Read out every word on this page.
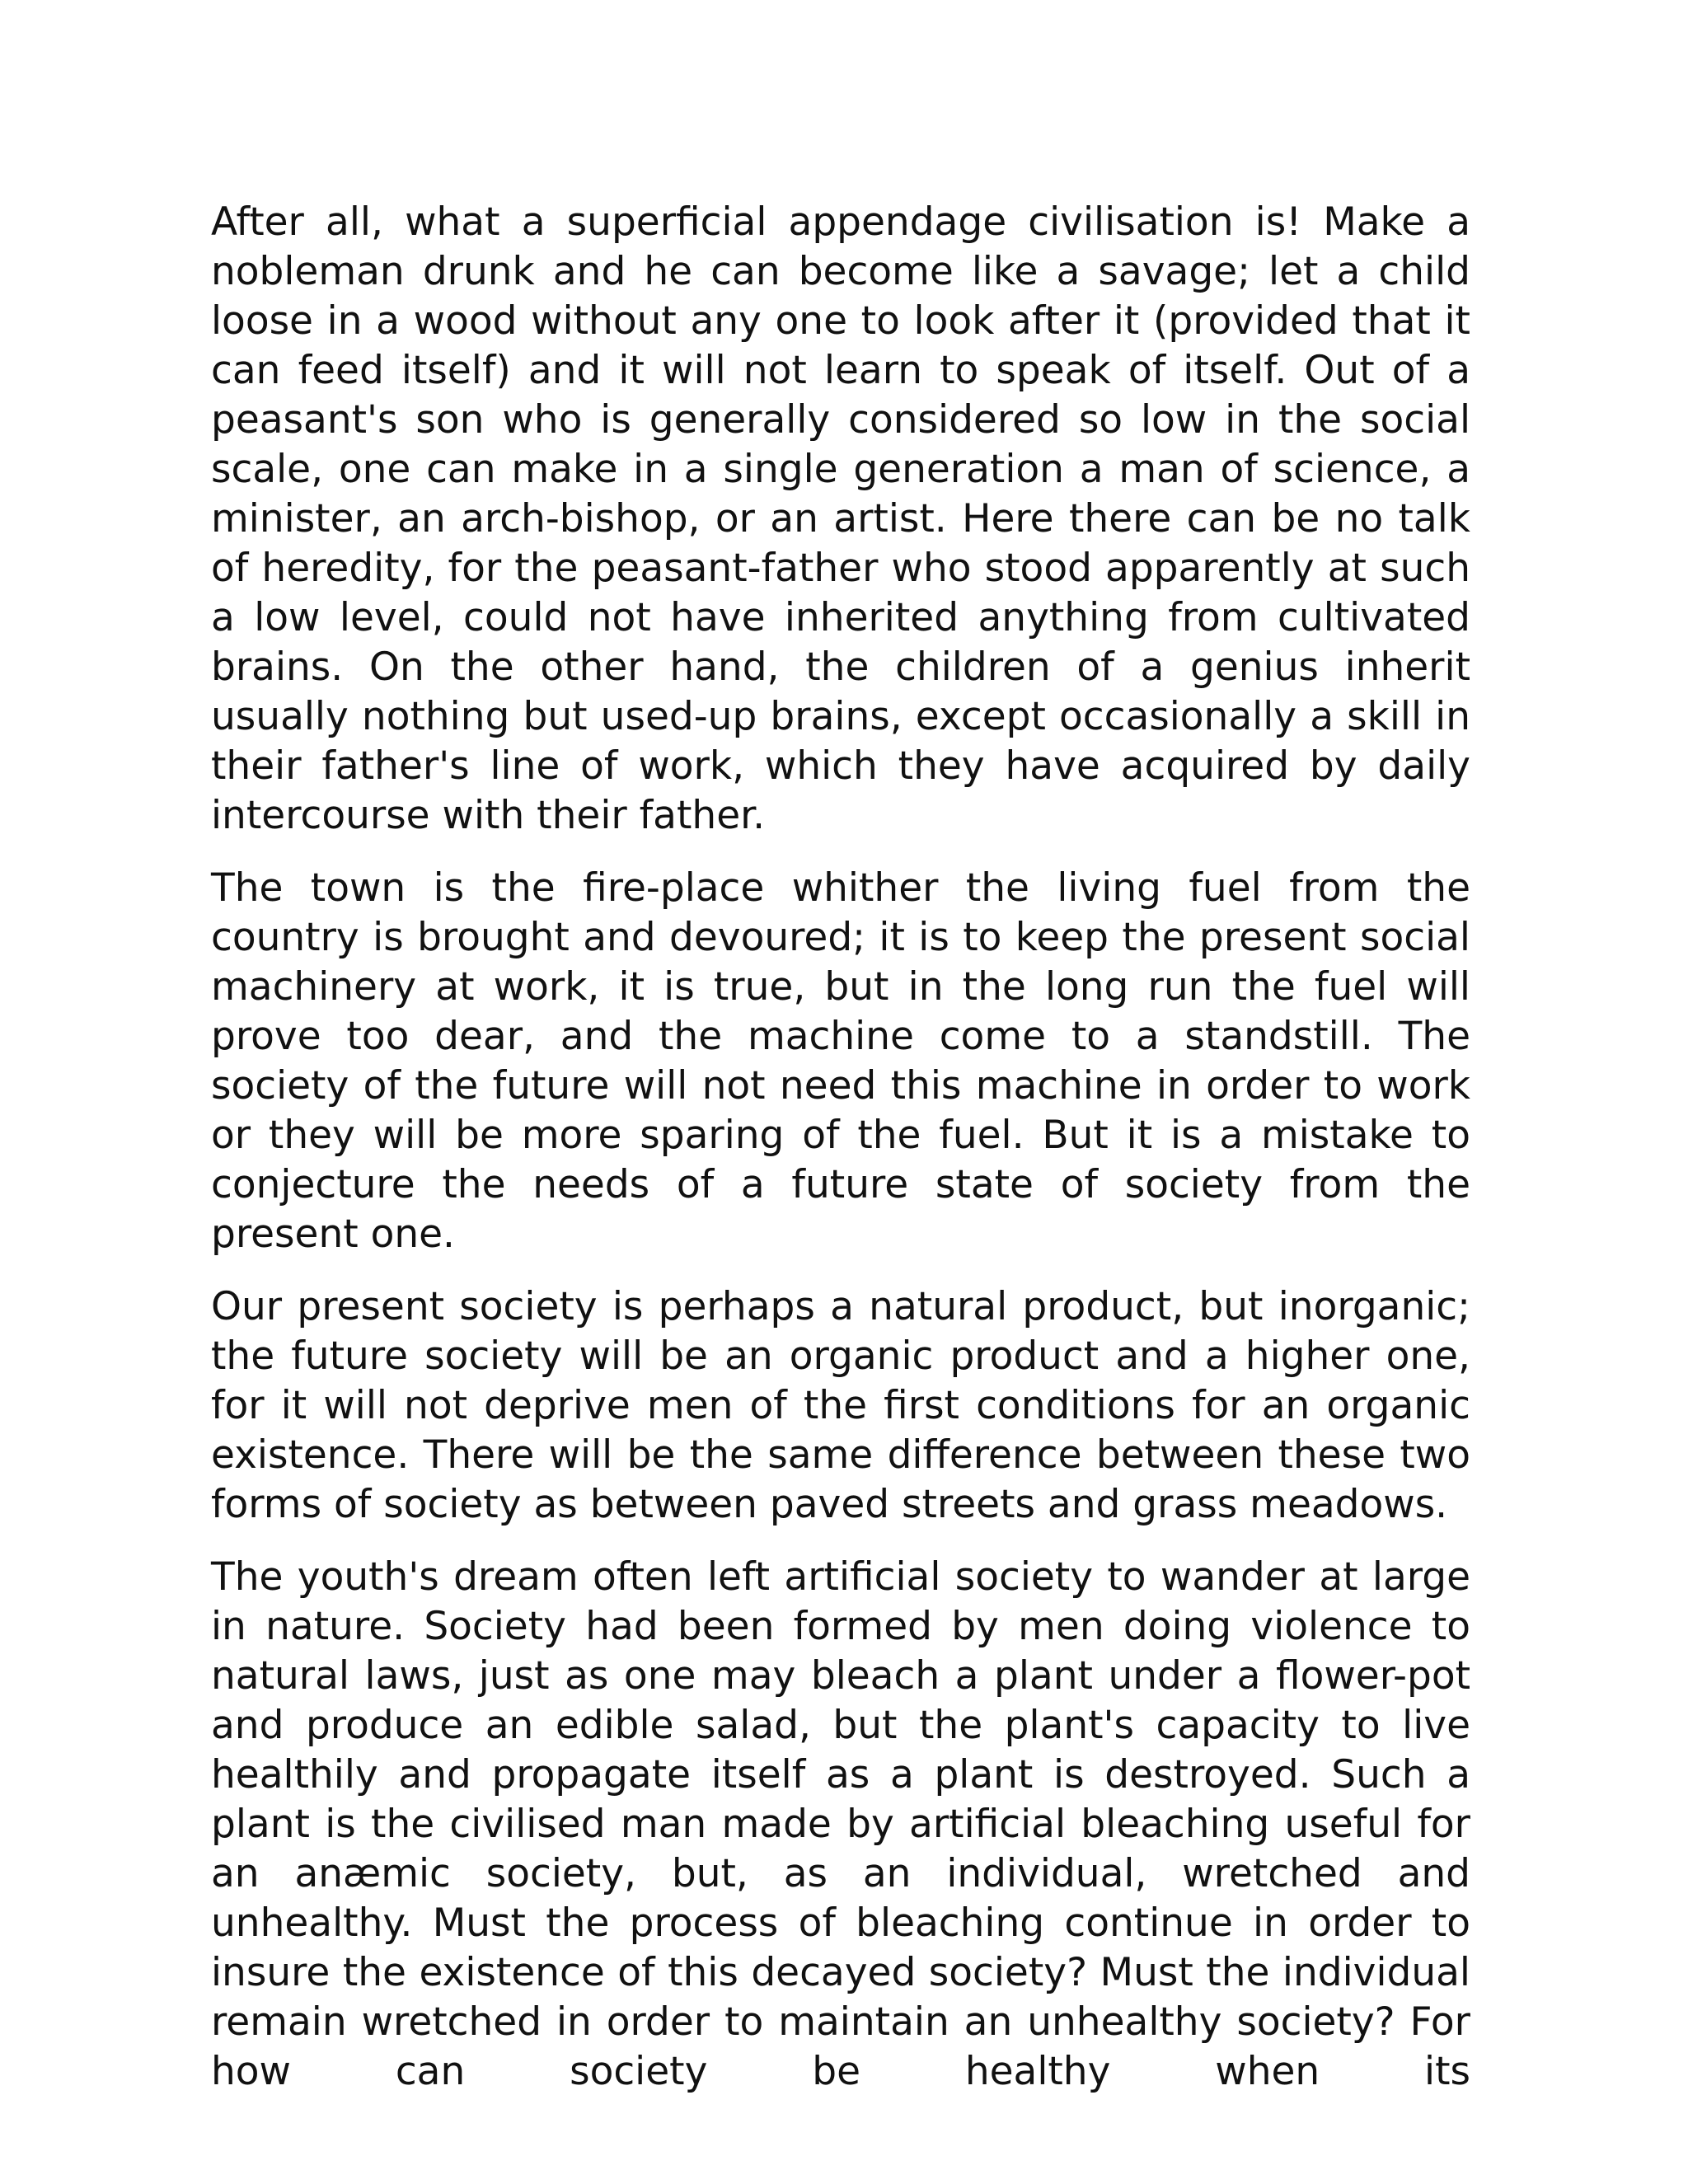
After all, what a superficial appendage civilisation is! Make a nobleman drunk and he can become like a savage; let a child loose in a wood without any one to look after it (provided that it can feed itself) and it will not learn to speak of itself. Out of a peasant's son who is generally considered so low in the social scale, one can make in a single generation a man of science, a minister, an arch-bishop, or an artist. Here there can be no talk of heredity, for the peasant-father who stood apparently at such a low level, could not have inherited anything from cultivated brains. On the other hand, the children of a genius inherit usually nothing but used-up brains, except occasionally a skill in their father's line of work, which they have acquired by daily intercourse with their father.

The town is the fire-place whither the living fuel from the country is brought and devoured; it is to keep the present social machinery at work, it is true, but in the long run the fuel will prove too dear, and the machine come to a standstill. The society of the future will not need this machine in order to work or they will be more sparing of the fuel. But it is a mistake to conjecture the needs of a future state of society from the present one.

Our present society is perhaps a natural product, but inorganic; the future society will be an organic product and a higher one, for it will not deprive men of the first conditions for an organic existence. There will be the same difference between these two forms of society as between paved streets and grass meadows.

The youth's dream often left artificial society to wander at large in nature. Society had been formed by men doing violence to natural laws, just as one may bleach a plant under a flower-pot and produce an edible salad, but the plant's capacity to live healthily and propagate itself as a plant is destroyed. Such a plant is the civilised man made by artificial bleaching useful for an anæmic society, but, as an individual, wretched and unhealthy. Must the process of bleaching continue in order to insure the existence of this decayed society? Must the individual remain wretched in order to maintain an unhealthy society? For how can society be healthy when its
